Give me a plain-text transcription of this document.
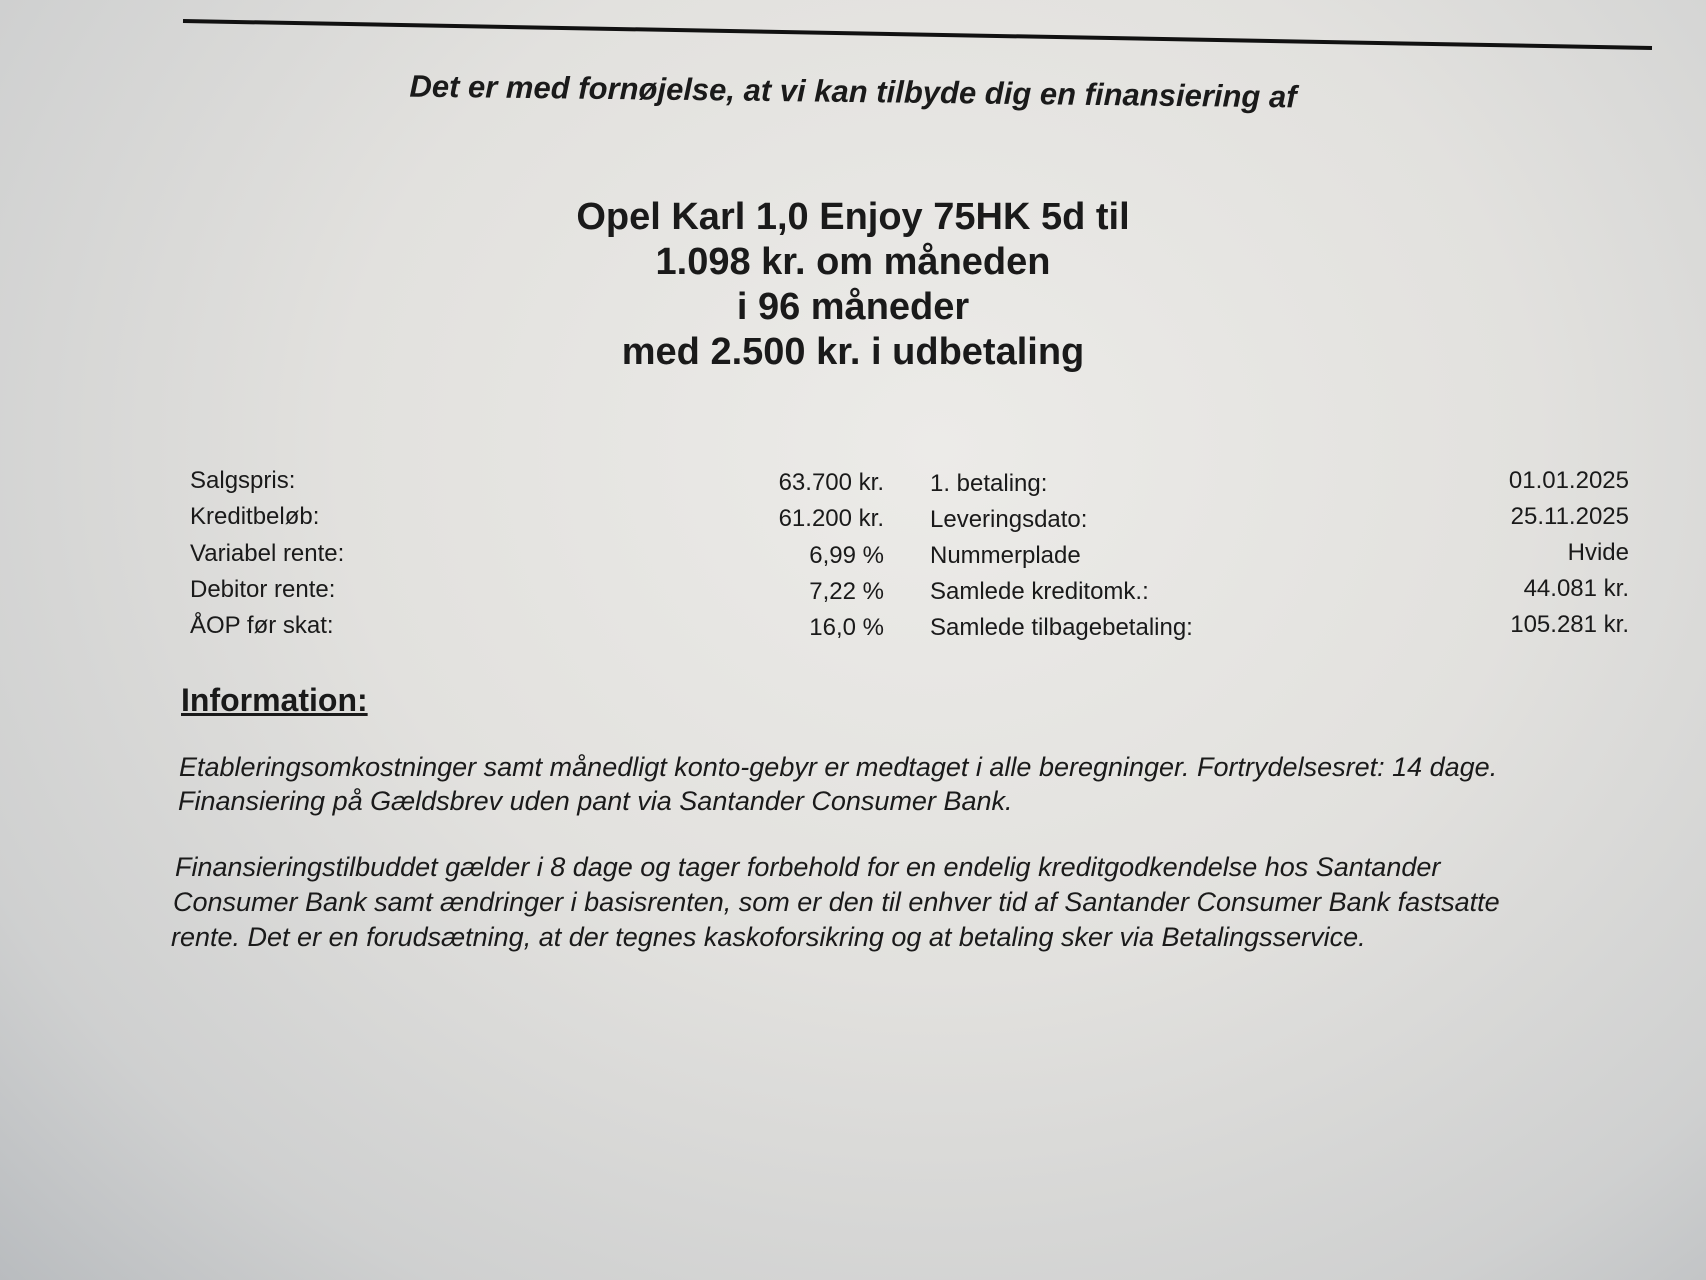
Det er med fornøjelse, at vi kan tilbyde dig en finansiering af
Opel Karl 1,0 Enjoy 75HK 5d til
1.098 kr. om måneden
i 96 måneder
med 2.500 kr. i udbetaling
Salgspris:	63.700 kr.
Kreditbeløb:	61.200 kr.
Variabel rente:	6,99 %
Debitor rente:	7,22 %
ÅOP før skat:	16,0 %
1. betaling:	01.01.2025
Leveringsdato:	25.11.2025
Nummerplade	Hvide
Samlede kreditomk.:	44.081 kr.
Samlede tilbagebetaling:	105.281 kr.
Information:
Etableringsomkostninger samt månedligt konto-gebyr er medtaget i alle beregninger. Fortrydelsesret: 14 dage.
Finansiering på Gældsbrev uden pant via Santander Consumer Bank.
Finansieringstilbuddet gælder i 8 dage og tager forbehold for en endelig kreditgodkendelse hos Santander
Consumer Bank samt ændringer i basisrenten, som er den til enhver tid af Santander Consumer Bank fastsatte
rente. Det er en forudsætning, at der tegnes kaskoforsikring og at betaling sker via Betalingsservice.
